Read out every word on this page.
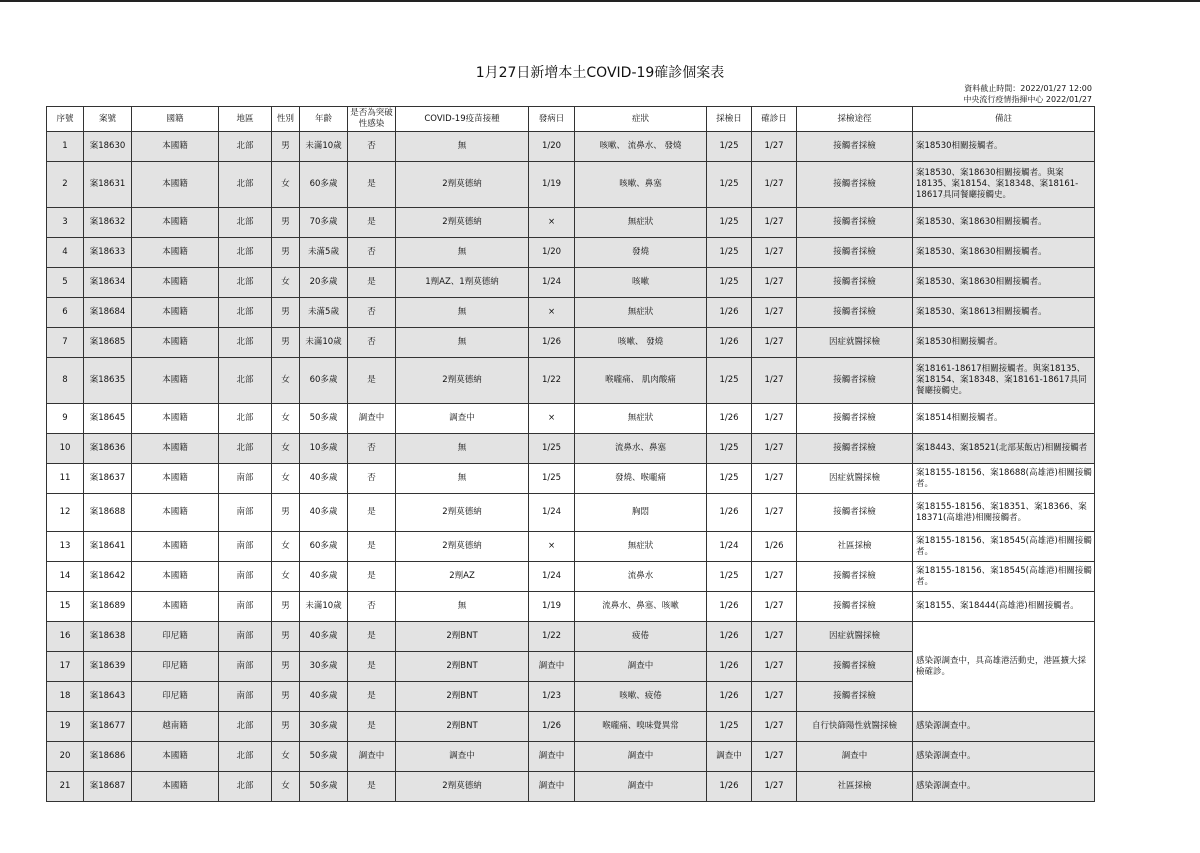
1月27日新增本土COVID-19確診個案表
資料截止時間：2022/01/27 12:00
中央流行疫情指揮中心 2022/01/27
序號	案號	國籍	地區	性別	年齡	是否為突破性感染	COVID-19疫苗接種	發病日	症狀	採檢日	確診日	採檢途徑	備註
1	案18630	本國籍	北部	男	未滿10歲	否	無	1/20	咳嗽、 流鼻水、 發燒	1/25	1/27	接觸者採檢	案18530相關接觸者。
2	案18631	本國籍	北部	女	60多歲	是	2劑莫德納	1/19	咳嗽、鼻塞	1/25	1/27	接觸者採檢	案18530、案18630相關接觸者。與案18135、案18154、案18348、案18161-18617具同餐廳接觸史。
3	案18632	本國籍	北部	男	70多歲	是	2劑莫德納	×	無症狀	1/25	1/27	接觸者採檢	案18530、案18630相關接觸者。
4	案18633	本國籍	北部	男	未滿5歲	否	無	1/20	發燒	1/25	1/27	接觸者採檢	案18530、案18630相關接觸者。
5	案18634	本國籍	北部	女	20多歲	是	1劑AZ、1劑莫德納	1/24	咳嗽	1/25	1/27	接觸者採檢	案18530、案18630相關接觸者。
6	案18684	本國籍	北部	男	未滿5歲	否	無	×	無症狀	1/26	1/27	接觸者採檢	案18530、案18613相關接觸者。
7	案18685	本國籍	北部	男	未滿10歲	否	無	1/26	咳嗽、 發燒	1/26	1/27	因症就醫採檢	案18530相關接觸者。
8	案18635	本國籍	北部	女	60多歲	是	2劑莫德納	1/22	喉嚨痛、 肌肉酸痛	1/25	1/27	接觸者採檢	案18161-18617相關接觸者。與案18135、案18154、案18348、案18161-18617具同餐廳接觸史。
9	案18645	本國籍	北部	女	50多歲	調查中	調查中	×	無症狀	1/26	1/27	接觸者採檢	案18514相關接觸者。
10	案18636	本國籍	北部	女	10多歲	否	無	1/25	流鼻水、鼻塞	1/25	1/27	接觸者採檢	案18443、案18521(北部某飯店)相關接觸者
11	案18637	本國籍	南部	女	40多歲	否	無	1/25	發燒、喉嚨痛	1/25	1/27	因症就醫採檢	案18155-18156、案18688(高雄港)相關接觸者。
12	案18688	本國籍	南部	男	40多歲	是	2劑莫德納	1/24	胸悶	1/26	1/27	接觸者採檢	案18155-18156、案18351、案18366、案18371(高雄港)相關接觸者。
13	案18641	本國籍	南部	女	60多歲	是	2劑莫德納	×	無症狀	1/24	1/26	社區採檢	案18155-18156、案18545(高雄港)相關接觸者。
14	案18642	本國籍	南部	女	40多歲	是	2劑AZ	1/24	流鼻水	1/25	1/27	接觸者採檢	案18155-18156、案18545(高雄港)相關接觸者。
15	案18689	本國籍	南部	男	未滿10歲	否	無	1/19	流鼻水、鼻塞、咳嗽	1/26	1/27	接觸者採檢	案18155、案18444(高雄港)相關接觸者。
16	案18638	印尼籍	南部	男	40多歲	是	2劑BNT	1/22	疲倦	1/26	1/27	因症就醫採檢	感染源調查中，具高雄港活動史，港區擴大採檢確診。
17	案18639	印尼籍	南部	男	30多歲	是	2劑BNT	調查中	調查中	1/26	1/27	接觸者採檢	
18	案18643	印尼籍	南部	男	40多歲	是	2劑BNT	1/23	咳嗽、疲倦	1/26	1/27	接觸者採檢	
19	案18677	越南籍	北部	男	30多歲	是	2劑BNT	1/26	喉嚨痛、嗅味覺異常	1/25	1/27	自行快篩陽性就醫採檢	感染源調查中。
20	案18686	本國籍	北部	女	50多歲	調查中	調查中	調查中	調查中	調查中	1/27	調查中	感染源調查中。
21	案18687	本國籍	北部	女	50多歲	是	2劑莫德納	調查中	調查中	1/26	1/27	社區採檢	感染源調查中。
